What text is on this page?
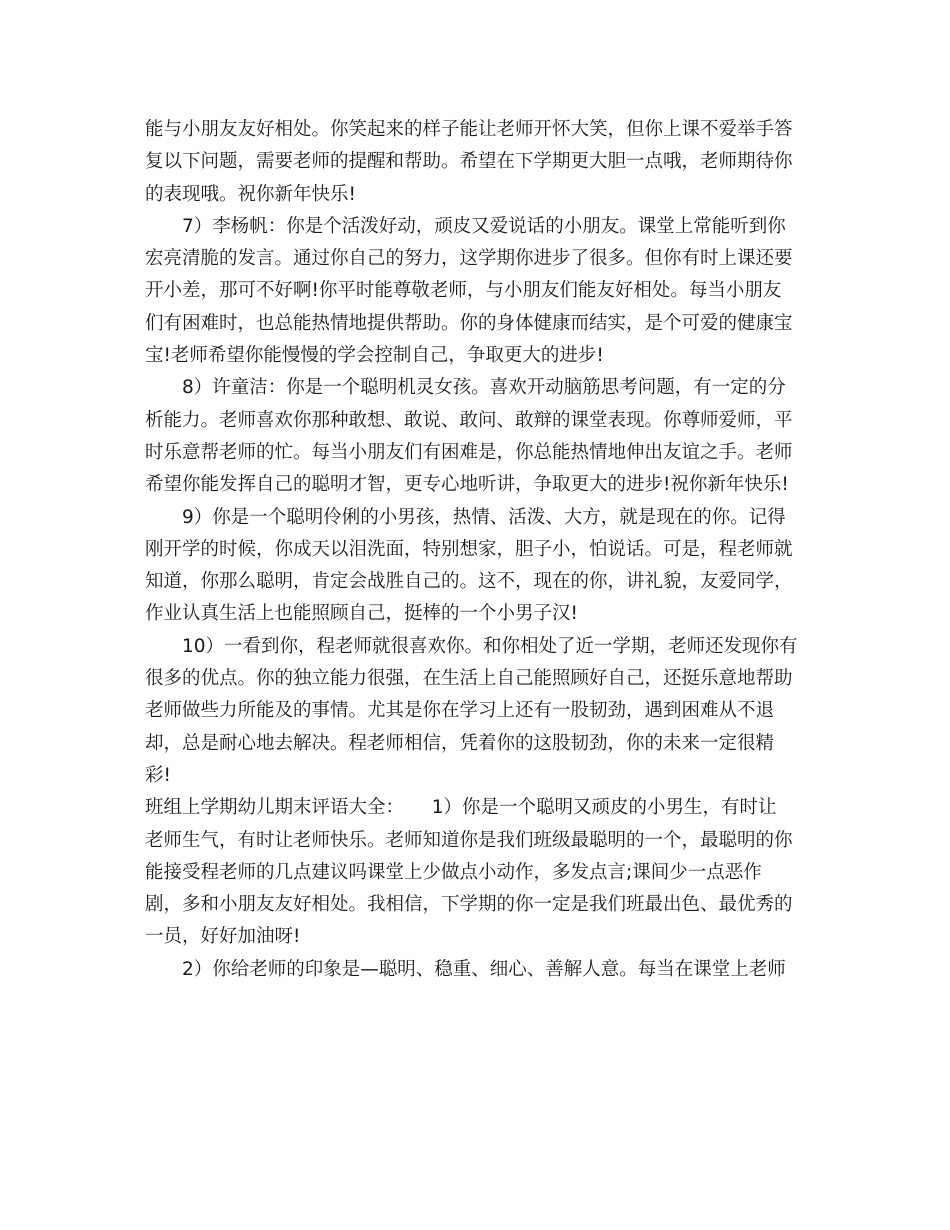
能与小朋友友好相处。你笑起来的样子能让老师开怀大笑，但你上课不爱举手答
复以下问题，需要老师的提醒和帮助。希望在下学期更大胆一点哦，老师期待你
的表现哦。祝你新年快乐!

7）李杨帆：你是个活泼好动，顽皮又爱说话的小朋友。课堂上常能听到你
宏亮清脆的发言。通过你自己的努力，这学期你进步了很多。但你有时上课还要
开小差，那可不好啊!你平时能尊敬老师，与小朋友们能友好相处。每当小朋友
们有困难时，也总能热情地提供帮助。你的身体健康而结实，是个可爱的健康宝
宝!老师希望你能慢慢的学会控制自己，争取更大的进步!

8）许童洁：你是一个聪明机灵女孩。喜欢开动脑筋思考问题，有一定的分
析能力。老师喜欢你那种敢想、敢说、敢问、敢辩的课堂表现。你尊师爱师，平
时乐意帮老师的忙。每当小朋友们有困难是，你总能热情地伸出友谊之手。老师
希望你能发挥自己的聪明才智，更专心地听讲，争取更大的进步!祝你新年快乐!

9）你是一个聪明伶俐的小男孩，热情、活泼、大方，就是现在的你。记得
刚开学的时候，你成天以泪洗面，特别想家，胆子小，怕说话。可是，程老师就
知道，你那么聪明，肯定会战胜自己的。这不，现在的你，讲礼貌，友爱同学，
作业认真生活上也能照顾自己，挺棒的一个小男子汉!

10）一看到你，程老师就很喜欢你。和你相处了近一学期，老师还发现你有
很多的优点。你的独立能力很强，在生活上自己能照顾好自己，还挺乐意地帮助
老师做些力所能及的事情。尤其是你在学习上还有一股韧劲，遇到困难从不退
却，总是耐心地去解决。程老师相信，凭着你的这股韧劲，你的未来一定很精
彩!

班组上学期幼儿期末评语大全：　　1）你是一个聪明又顽皮的小男生，有时让
老师生气，有时让老师快乐。老师知道你是我们班级最聪明的一个，最聪明的你
能接受程老师的几点建议吗课堂上少做点小动作，多发点言;课间少一点恶作
剧，多和小朋友友好相处。我相信，下学期的你一定是我们班最出色、最优秀的
一员，好好加油呀!

2）你给老师的印象是—聪明、稳重、细心、善解人意。每当在课堂上老师
